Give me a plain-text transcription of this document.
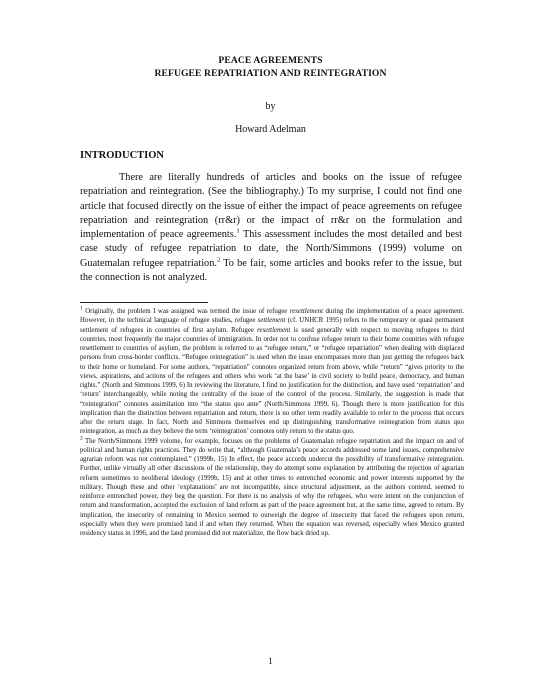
PEACE AGREEMENTS
REFUGEE REPATRIATION AND REINTEGRATION
by
Howard Adelman
INTRODUCTION

There are literally hundreds of articles and books on the issue of refugee repatriation and reintegration. (See the bibliography.) To my surprise, I could not find one article that focused directly on the issue of either the impact of peace agreements on refugee repatriation and reintegration (rr&r) or the impact of rr&r on the formulation and implementation of peace agreements.$^1$ This assessment includes the most detailed and best case study of refugee repatriation to date, the North/Simmons (1999) volume on Guatemalan refugee repatriation.$^2$ To be fair, some articles and books refer to the issue, but the connection is not analyzed.

$^1$ Originally, the problem I was assigned was termed the issue of refugee resettlement during the implementation of a peace agreement. However, in the technical language of refugee studies, refugee settlement (cf. UNHCR 1995) refers to the temporary or quasi permanent settlement of refugees in countries of first asylum. Refugee resettlement is used generally with respect to moving refugees to third countries, most frequently the major countries of immigration. In order not to confuse refugee return to their home countries with refugee resettlement to countries of asylum, the problem is referred to as “refugee return,” or “refugee repatriation” when dealing with displaced persons from cross-border conflicts. “Refugee reintegration” is used when the issue encompasses more than just getting the refugees back to their home or homeland. For some authors, “repatriation” connotes organized return from above, while “return” “gives priority to the views, aspirations, and actions of the refugees and others who work ‘at the base’ in civil society to build peace, democracy, and human rights.” (North and Simmons 1999, 6) In reviewing the literature, I find no justification for the distinction, and have used ‘repatriation’ and ‘return’ interchangeably, while noting the centrality of the issue of the control of the process. Similarly, the suggestion is made that “reintegration” connotes assimilation into “the status quo ante” (North/Simmons 1999, 6). Though there is more justification for this implication than the distinction between repatriation and return, there is no other term readily available to refer to the process that occurs after the return stage. In fact, North and Simmons themselves end up distinguishing transformative reintegration from status quo reintegration, as much as they believe the term ‘reintegration’ connotes only return to the status quo.

$^2$ The North/Simmons 1999 volume, for example, focuses on the problems of Guatemalan refugee repatriation and the impact on and of political and human rights practices. They do write that, “although Guatemala’s peace accords addressed some land issues, comprehensive agrarian reform was not contemplated.” (1999b, 15) In effect, the peace accords undercut the possibility of transformative reintegration. Further, unlike virtually all other discussions of the relationship, they do attempt some explanation by attributing the rejection of agrarian reform sometimes to neoliberal ideology (1999b, 15) and at other times to entrenched economic and power interests supported by the military. Though these and other ‘explanations’ are not incompatible, since structural adjustment, as the authors contend, seemed to reinforce entrenched power, they beg the question. For there is no analysis of why the refugees, who were intent on the conjunction of return and transformation, accepted the exclusion of land reform as part of the peace agreement but, at the same time, agreed to return. By implication, the insecurity of remaining in Mexico seemed to outweigh the degree of insecurity that faced the refugees upon return, especially when they were promised land if and when they returned. When the equation was reversed, especially when Mexico granted residency status in 1996, and the land promised did not materialize, the flow back dried up.

1
